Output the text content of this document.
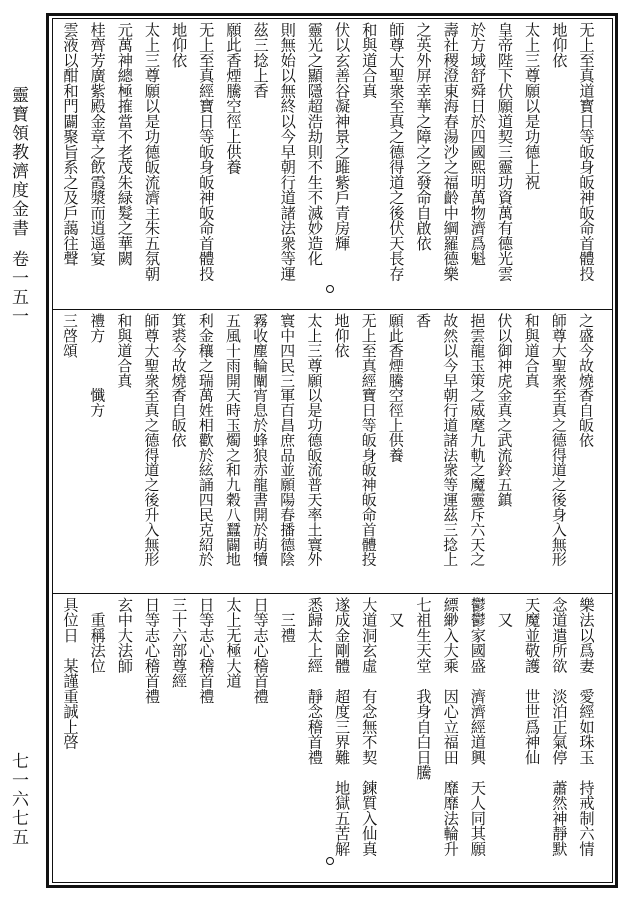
靈寶領教濟度金書卷一五一
七一六七五
无上至真道寳日等皈身皈神皈命首體投
地仰依
太上三尊願以是功德上祝
皇帝陛下伏願道契三靈功資萬有德光雲
於方域舒舜日於四國熙明萬物濟爲魁
壽社稷澄東海春湯沙之福齡中綱羅德樂
之英外屏幸華之障之之發命自啟依
師尊大聖衆至真之德得道之後伏天長存
和與道合真
伏以玄善谷凝神景之雎紫戶青房輝
靈光之顯隱超浩劫則不生不滅妙造化
則無始以無終以今早朝行道諸法衆等運
茲三捻上香
願此香煙騰空徑上供養
无上至真經寶日等皈身皈神皈命首體投
地仰依
太上三尊願以是功德皈流濟主朱五氛朝
元萬神總極搉當不老茂朱緑髮之華闕
桂齊芳廣紫殿金章之飲霞漿而逍遥宴
雲液以酣和門闢聚旨系之及戶藹往聲
之盛今故燒香自皈依
師尊大聖衆至真之德得道之後身入無形
和與道合真
伏以御神虎金真之武流鈴五鎮
挹雲龍玉策之威麾九軌之魔靈斥六天之
故然以今早朝行道諸法衆等運茲三捻上
香
願此香煙騰空徑上供養
无上至真經寶日等皈身皈神皈命首體投
地仰依
太上三尊願以是功德皈流普天率土寰外
寰中四民三軍百昌庶品並願陽春播德陰
霧收塵輪闡宵息於蜂狼赤龍書開於萌犢
五風十雨開天時玉燭之和九穀八蠶闢地
利金穰之瑞萬姓相歡於絃誦四民克紹於
箕裘今故燒香自皈依
師尊大聖衆至真之德得道之後升入無形
和與道合真
禮方　　　懺方
三啓頌
樂法以爲妻　愛經如珠玉　持戒制六情
念道遣所欲　淡泊正氣停　蕭然神靜默
天魔並敬護　世世爲神仙
　又
鬱鬱家國盛　濟濟經道興　天人同其願
縹緲入大乘　因心立福田　靡靡法輪升
七祖生天堂　我身自白日騰
　又
大道洞玄虛　有念無不契　鍊質入仙真
遂成金剛體　超度三界難　地獄五苦解
悉歸太上經　靜念稽首禮
　三禮
日等志心稽首禮
太上无極大道
日等志心稽首禮
三十六部尊經
日等志心稽首禮
玄中大法師
　重稱法位
具位日　某謹重誠上啓
